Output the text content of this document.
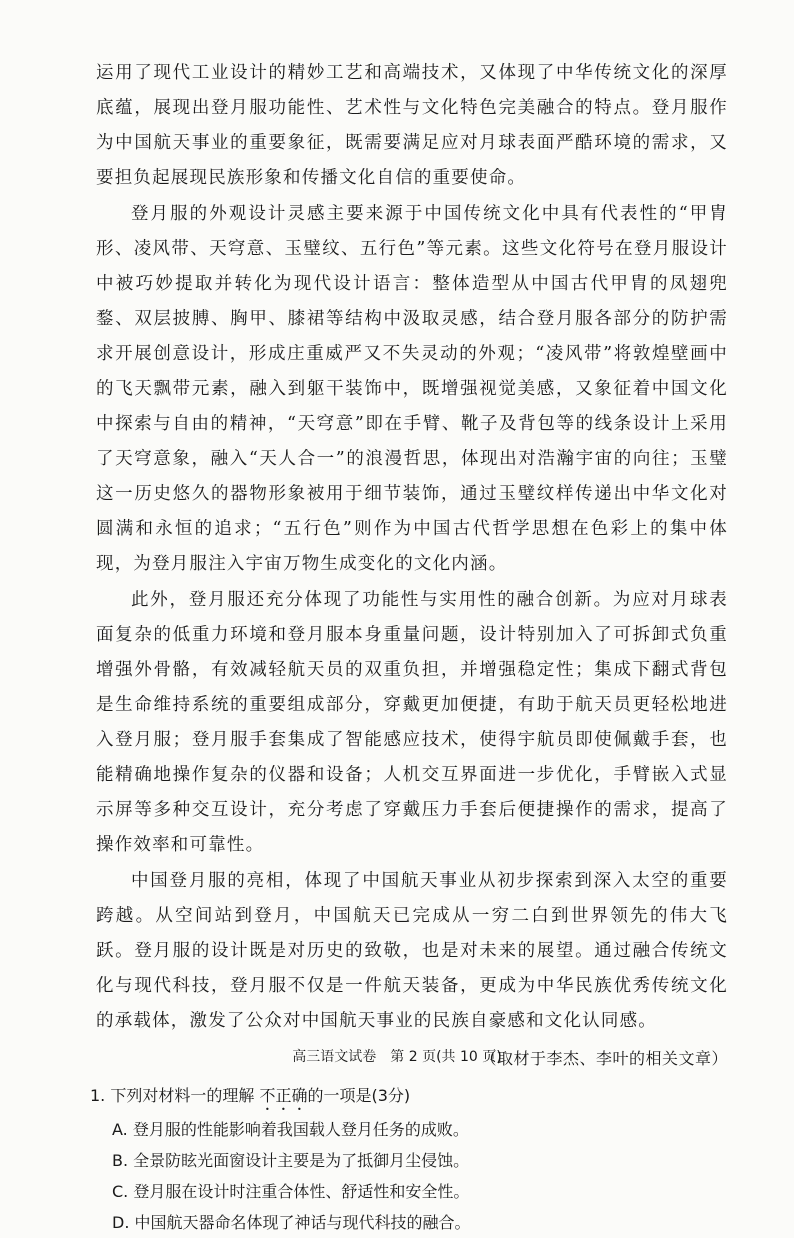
运用了现代工业设计的精妙工艺和高端技术，又体现了中华传统文化的深厚底蕴，展现出登月服功能性、艺术性与文化特色完美融合的特点。登月服作为中国航天事业的重要象征，既需要满足应对月球表面严酷环境的需求，又要担负起展现民族形象和传播文化自信的重要使命。

登月服的外观设计灵感主要来源于中国传统文化中具有代表性的“甲胄形、凌风带、天穹意、玉璧纹、五行色”等元素。这些文化符号在登月服设计中被巧妙提取并转化为现代设计语言：整体造型从中国古代甲胄的凤翅兜鍪、双层披膊、胸甲、膝裙等结构中汲取灵感，结合登月服各部分的防护需求开展创意设计，形成庄重威严又不失灵动的外观；“凌风带”将敦煌壁画中的飞天飘带元素，融入到躯干装饰中，既增强视觉美感，又象征着中国文化中探索与自由的精神，“天穹意”即在手臂、靴子及背包等的线条设计上采用了天穹意象，融入“天人合一”的浪漫哲思，体现出对浩瀚宇宙的向往；玉璧这一历史悠久的器物形象被用于细节装饰，通过玉璧纹样传递出中华文化对圆满和永恒的追求；“五行色”则作为中国古代哲学思想在色彩上的集中体现，为登月服注入宇宙万物生成变化的文化内涵。

此外，登月服还充分体现了功能性与实用性的融合创新。为应对月球表面复杂的低重力环境和登月服本身重量问题，设计特别加入了可拆卸式负重增强外骨骼，有效减轻航天员的双重负担，并增强稳定性；集成下翻式背包是生命维持系统的重要组成部分，穿戴更加便捷，有助于航天员更轻松地进入登月服；登月服手套集成了智能感应技术，使得宇航员即使佩戴手套，也能精确地操作复杂的仪器和设备；人机交互界面进一步优化，手臂嵌入式显示屏等多种交互设计，充分考虑了穿戴压力手套后便捷操作的需求，提高了操作效率和可靠性。

中国登月服的亮相，体现了中国航天事业从初步探索到深入太空的重要跨越。从空间站到登月，中国航天已完成从一穷二白到世界领先的伟大飞跃。登月服的设计既是对历史的致敬，也是对未来的展望。通过融合传统文化与现代科技，登月服不仅是一件航天装备，更成为中华民族优秀传统文化的承载体，激发了公众对中国航天事业的民族自豪感和文化认同感。

（取材于李杰、李叶的相关文章）

1. 下列对材料一的理解 不正确的一项是(3分)

A. 登月服的性能影响着我国载人登月任务的成败。

B. 全景防眩光面窗设计主要是为了抵御月尘侵蚀。

C. 登月服在设计时注重合体性、舒适性和安全性。

D. 中国航天器命名体现了神话与现代科技的融合。

高三语文试卷　第 2 页(共 10 页)
